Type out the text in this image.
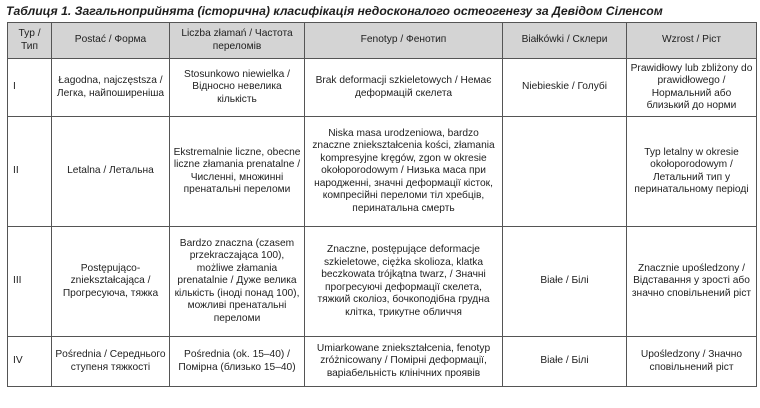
Таблиця 1. Загальноприйнята (історична) класифікація недосконалого остеогенезу за Девідом Сіленсом
Typ / Тип	Postać / Форма	Liczba złamań / Частота переломів	Fenotyp / Фенотип	Białkówki / Склери	Wzrost / Ріст
I	Łagodna, najczęstsza / Легка, найпоширеніша	Stosunkowo niewielka / Відносно невелика кількість	Brak deformacji szkieletowych / Немає деформацій скелета	Niebieskie / Голубі	Prawidłowy lub zbliżony do prawidłowego / Нормальний або близький до норми
II	Letalna / Летальна	Ekstremalnie liczne, obecne liczne złamania prenatalne / Численні, множинні пренатальні переломи	Niska masa urodzeniowa, bardzo znaczne zniekształcenia kości, złamania kompresyjne kręgów, zgon w okresie okołoporodowym / Низька маса при народженні, значні деформації кісток, компресійні переломи тіл хребців, перинатальна смерть		Typ letalny w okresie okołoporodowym / Летальний тип у перинатальному періоді
III	Postępująco-zniekształcająca / Прогресуюча, тяжка	Bardzo znaczna (czasem przekraczająca 100), możliwe złamania prenatalnie / Дуже велика кількість (іноді понад 100), можливі пренатальні переломи	Znaczne, postępujące deformacje szkieletowe, ciężka skolioza, klatka beczkowata trójkątna twarz, / Значні прогресуючі деформації скелета, тяжкий сколіоз, бочкоподібна грудна клітка, трикутне обличчя	Białe / Білі	Znacznie upośledzony / Відставання у зрості або значно сповільнений ріст
IV	Pośrednia / Середнього ступеня тяжкості	Pośrednia (ok. 15–40) / Помірна (близько 15–40)	Umiarkowane zniekształcenia, fenotyp zróżnicowany / Помірні деформації, варіабельність клінічних проявів	Białe / Білі	Upośledzony / Значно сповільнений ріст
